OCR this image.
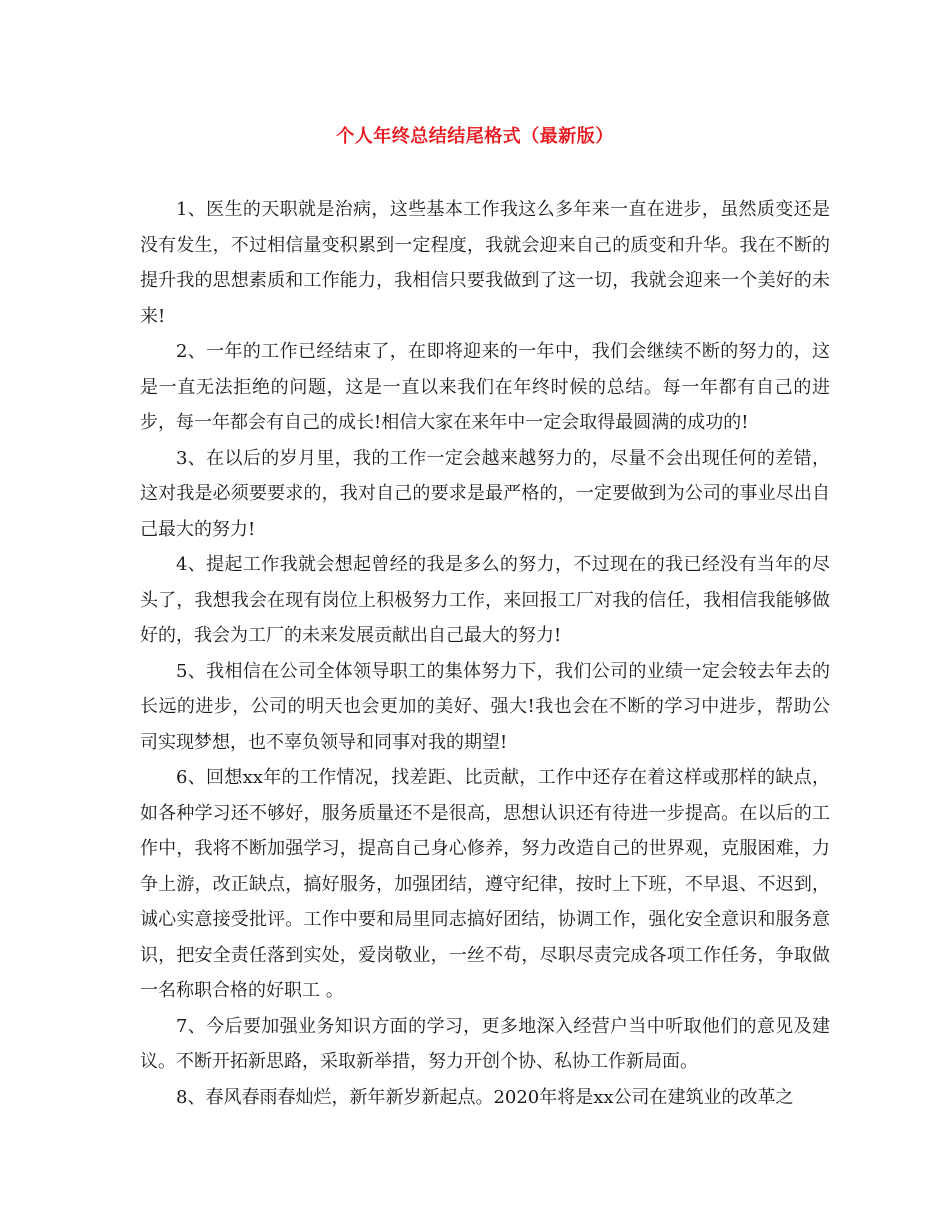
个人年终总结结尾格式（最新版）

1、医生的天职就是治病，这些基本工作我这么多年来一直在进步，虽然质变还是没有发生，不过相信量变积累到一定程度，我就会迎来自己的质变和升华。我在不断的提升我的思想素质和工作能力，我相信只要我做到了这一切，我就会迎来一个美好的未来!

2、一年的工作已经结束了，在即将迎来的一年中，我们会继续不断的努力的，这是一直无法拒绝的问题，这是一直以来我们在年终时候的总结。每一年都有自己的进步，每一年都会有自己的成长!相信大家在来年中一定会取得最圆满的成功的!

3、在以后的岁月里，我的工作一定会越来越努力的，尽量不会出现任何的差错，这对我是必须要要求的，我对自己的要求是最严格的，一定要做到为公司的事业尽出自己最大的努力!

4、提起工作我就会想起曾经的我是多么的努力，不过现在的我已经没有当年的尽头了，我想我会在现有岗位上积极努力工作，来回报工厂对我的信任，我相信我能够做好的，我会为工厂的未来发展贡献出自己最大的努力!

5、我相信在公司全体领导职工的集体努力下，我们公司的业绩一定会较去年去的长远的进步，公司的明天也会更加的美好、强大!我也会在不断的学习中进步，帮助公司实现梦想，也不辜负领导和同事对我的期望!

6、回想xx年的工作情况，找差距、比贡献，工作中还存在着这样或那样的缺点，如各种学习还不够好，服务质量还不是很高，思想认识还有待进一步提高。在以后的工作中，我将不断加强学习，提高自己身心修养，努力改造自己的世界观，克服困难，力争上游，改正缺点，搞好服务，加强团结，遵守纪律，按时上下班，不早退、不迟到，诚心实意接受批评。工作中要和局里同志搞好团结，协调工作，强化安全意识和服务意识，把安全责任落到实处，爱岗敬业，一丝不苟，尽职尽责完成各项工作任务，争取做一名称职合格的好职工 。

7、今后要加强业务知识方面的学习，更多地深入经营户当中听取他们的意见及建议。不断开拓新思路，采取新举措，努力开创个协、私协工作新局面。

8、春风春雨春灿烂，新年新岁新起点。2020年将是xx公司在建筑业的改革之
